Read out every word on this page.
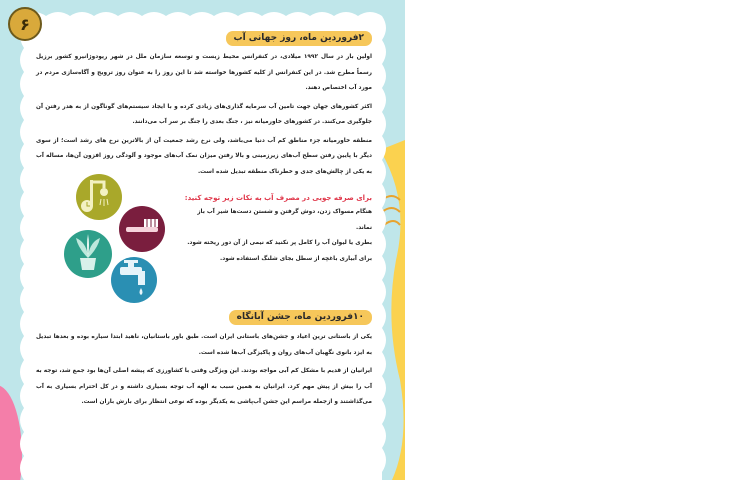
۶
۲فروردین ماه، روز جهانی آب

اولین بار در سال ۱۹۹۲ میلادی، در کنفرانس محیط زیست و توسعه سازمان ملل در شهر ریودوژانیرو کشور برزیل رسماً مطرح شد. در این کنفرانس از کلیه کشورها خواسته شد تا این روز را به عنوان روز ترویج و آگاه‌سازی مردم در مورد آب اختصاص دهند.

اکثر کشورهای جهان جهت تامین آب سرمایه گذاری‌های زیادی کرده و با ایجاد سیستم‌های گوناگون از به هدر رفتن آن جلوگیری می‌کنند. در کشورهای خاورمیانه نیز ، جنگ بعدی را جنگ بر سر آب می‌دانند.

منطقه خاورمیانه جزء مناطق کم آب دنیا می‌باشد، ولی نرخ رشد جمعیت آن از بالاترین نرخ های رشد است؛ از سوی دیگر با پایین رفتن سطح آب‌های زیرزمینی و بالا رفتن میزان نمک آب‌های موجود و آلودگی روز افزون آن‌ها، مساله آب به یکی از چالش‌های جدی و خطرناک منطقه تبدیل شده است.

برای صرفه جویی در مصرف آب به نکات زیر توجه کنید:
هنگام مسواک زدن، دوش گرفتن و شستن دست‌ها شیر آب باز نماند.
بطری یا لیوان آب را کامل پر نکنید که نیمی از آن دور ریخته شود.
برای آبیاری باغچه از سطل بجای شلنگ استفاده شود.
۱۰فروردین ماه، جشن آبانگاه

یکی از باستانی ترین اعیاد و جشن‌های باستانی ایران است. طبق باور باستانیان، ناهید ابتدا سیاره بوده و بعدها تبدیل به ایزد بانوی نگهبان آب‌های روان و پاکیزگی آب‌ها شده است.

ایرانیان از قدیم با مشکل کم آبی مواجه بودند. این ویژگی وقتی با کشاورزی که پیشه اصلی آن‌ها بود جمع شد، توجه به آب را بیش از پیش مهم کرد. ایرانیان به همین سبب به الهه آب توجه بسیاری داشته و در کل احترام بسیاری به آب می‌گذاشتند و ازجمله مراسم این جشن آب‌پاشی به یکدیگر بوده که نوعی انتظار برای بارش باران است.
